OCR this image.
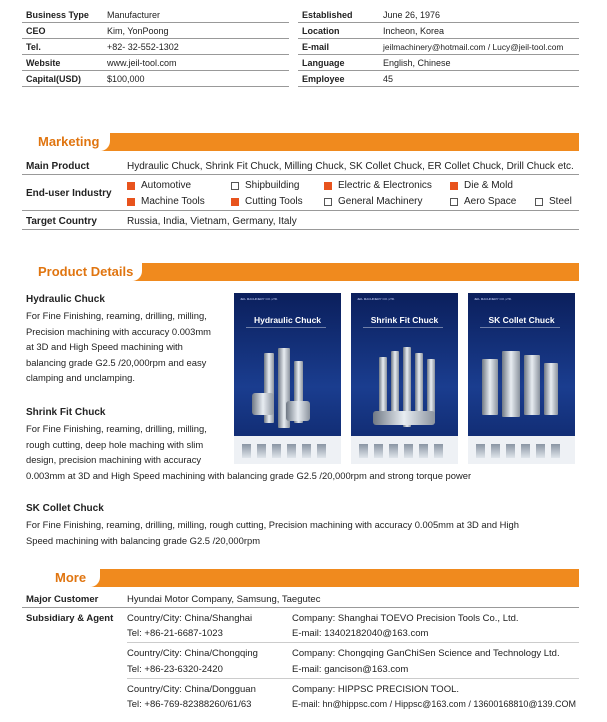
Business Type Manufacturer
CEO	Kim, YonPoong
Tel.	+82- 32-552-1302
Website	www.jeil-tool.com
Capital(USD)	$100,000
Established	June 26, 1976
Location	Incheon, Korea
E-mail	jeilmachinery@hotmail.com / Lucy@jeil-tool.com
Language	English, Chinese
Employee	45
Marketing
Main Product	Hydraulic Chuck, Shrink Fit Chuck, Milling Chuck, SK Collet Chuck, ER Collet Chuck, Drill Chuck etc.
End-user Industry
Automotive	Shipbuilding	Electric & Electronics	Die & Mold
Machine Tools	Cutting Tools	General Machinery	Aero Space	Steel
Target Country	Russia, India, Vietnam, Germany, Italy
Product Details
Hydraulic Chuck
For Fine Finishing, reaming, drilling, milling,
Precision machining with accuracy 0.003mm
at 3D and High Speed machining with
balancing grade G2.5 /20,000rpm and easy
clamping and unclamping.
Shrink Fit Chuck
For Fine Finishing, reaming, drilling, milling,
rough cutting, deep hole maching with slim
design, precision machining with accuracy
0.003mm at 3D and High Speed machining with balancing grade G2.5 /20,000rpm and strong torque power
SK Collet Chuck
For Fine Finishing, reaming, drilling, milling, rough cutting, Precision machining with accuracy 0.005mm at 3D and High
Speed machining with balancing grade G2.5 /20,000rpm
JEIL MACHINERY CO.,LTD.
Hydraulic Chuck
JEIL MACHINERY CO.,LTD.
Shrink Fit Chuck
JEIL MACHINERY CO.,LTD.
SK Collet Chuck
More
Major Customer	Hyundai Motor Company, Samsung, Taegutec
Subsidiary & Agent Country/City: China/Shanghai
Tel: +86-21-6687-1023
Company: Shanghai TOEVO Precision Tools Co., Ltd.
E-mail: 13402182040@163.com
Country/City: China/Chongqing
Tel: +86-23-6320-2420
Company: Chongqing GanChiSen Science and Technology Ltd.
E-mail: gancison@163.com
Country/City: China/Dongguan
Tel: +86-769-82388260/61/63
Company: HIPPSC PRECISION TOOL.
E-mail: hn@hippsc.com / Hippsc@163.com / 13600168810@139.COM
